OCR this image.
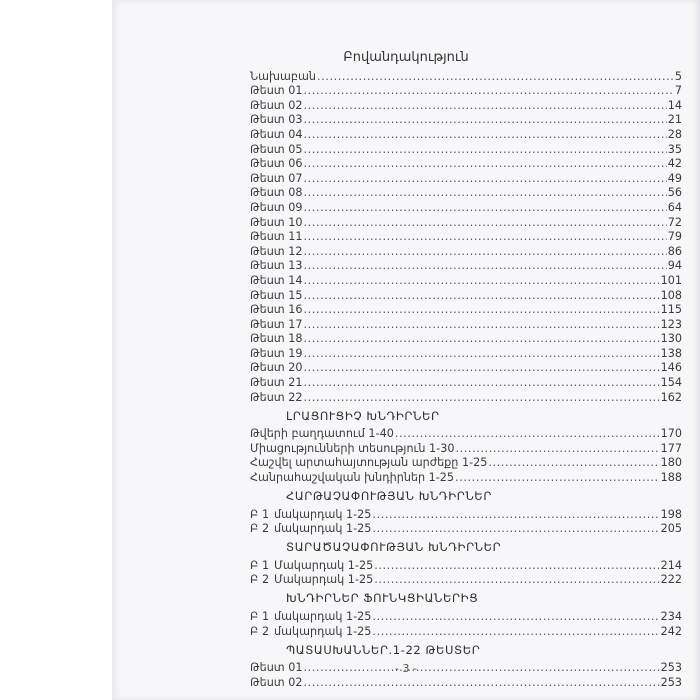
Բովանդակություն
Նախաբան .....	5
Թեստ 01 .....	7
Թեստ 02 .....	14
Թեստ 03 .....	21
Թեստ 04 .....	28
Թեստ 05 .....	35
Թեստ 06 .....	42
Թեստ 07 .....	49
Թեստ 08 .....	56
Թեստ 09 .....	64
Թեստ 10 .....	72
Թեստ 11 .....	79
Թեստ 12 .....	86
Թեստ 13 .....	94
Թեստ 14 .....	101
Թեստ 15 .....	108
Թեստ 16 .....	115
Թեստ 17 .....	123
Թեստ 18 .....	130
Թեստ 19 .....	138
Թեստ 20 .....	146
Թեստ 21 .....	154
Թեստ 22 .....	162
ԼՐԱՑՈՒՑԻՉ ԽՆԴԻՐՆԵՐ
Թվերի բաղդատում 1-40 .....	170
Միացությունների տեսություն 1-30 .....	177
Հաշվել արտահայտության արժեքը 1-25 .....	180
Հանրահաշվական խնդիրներ 1-25 .....	188
ՀԱՐԹԱՉԱՓՈՒԹՅԱՆ ԽՆԴԻՐՆԵՐ
Բ 1 մակարդակ 1-25 .....	198
Բ 2 մակարդակ 1-25 .....	205
ՏԱՐԱԾԱՉԱՓՈՒԹՅԱՆ ԽՆԴԻՐՆԵՐ
Բ 1 Մակարդակ 1-25 .....	214
Բ 2 Մակարդակ 1-25 .....	222
ԽՆԴԻՐՆԵՐ ՖՈՒՆԿՑԻԱՆԵՐԻՑ
Բ 1 մակարդակ 1-25 .....	234
Բ 2 մակարդակ 1-25 .....	242
ՊԱՏԱՍԽԱՆՆԵՐ.1-22 ԹԵՍՏԵՐ
Թեստ 01 .....	253
Թեստ 02 .....	253
- 3 -
